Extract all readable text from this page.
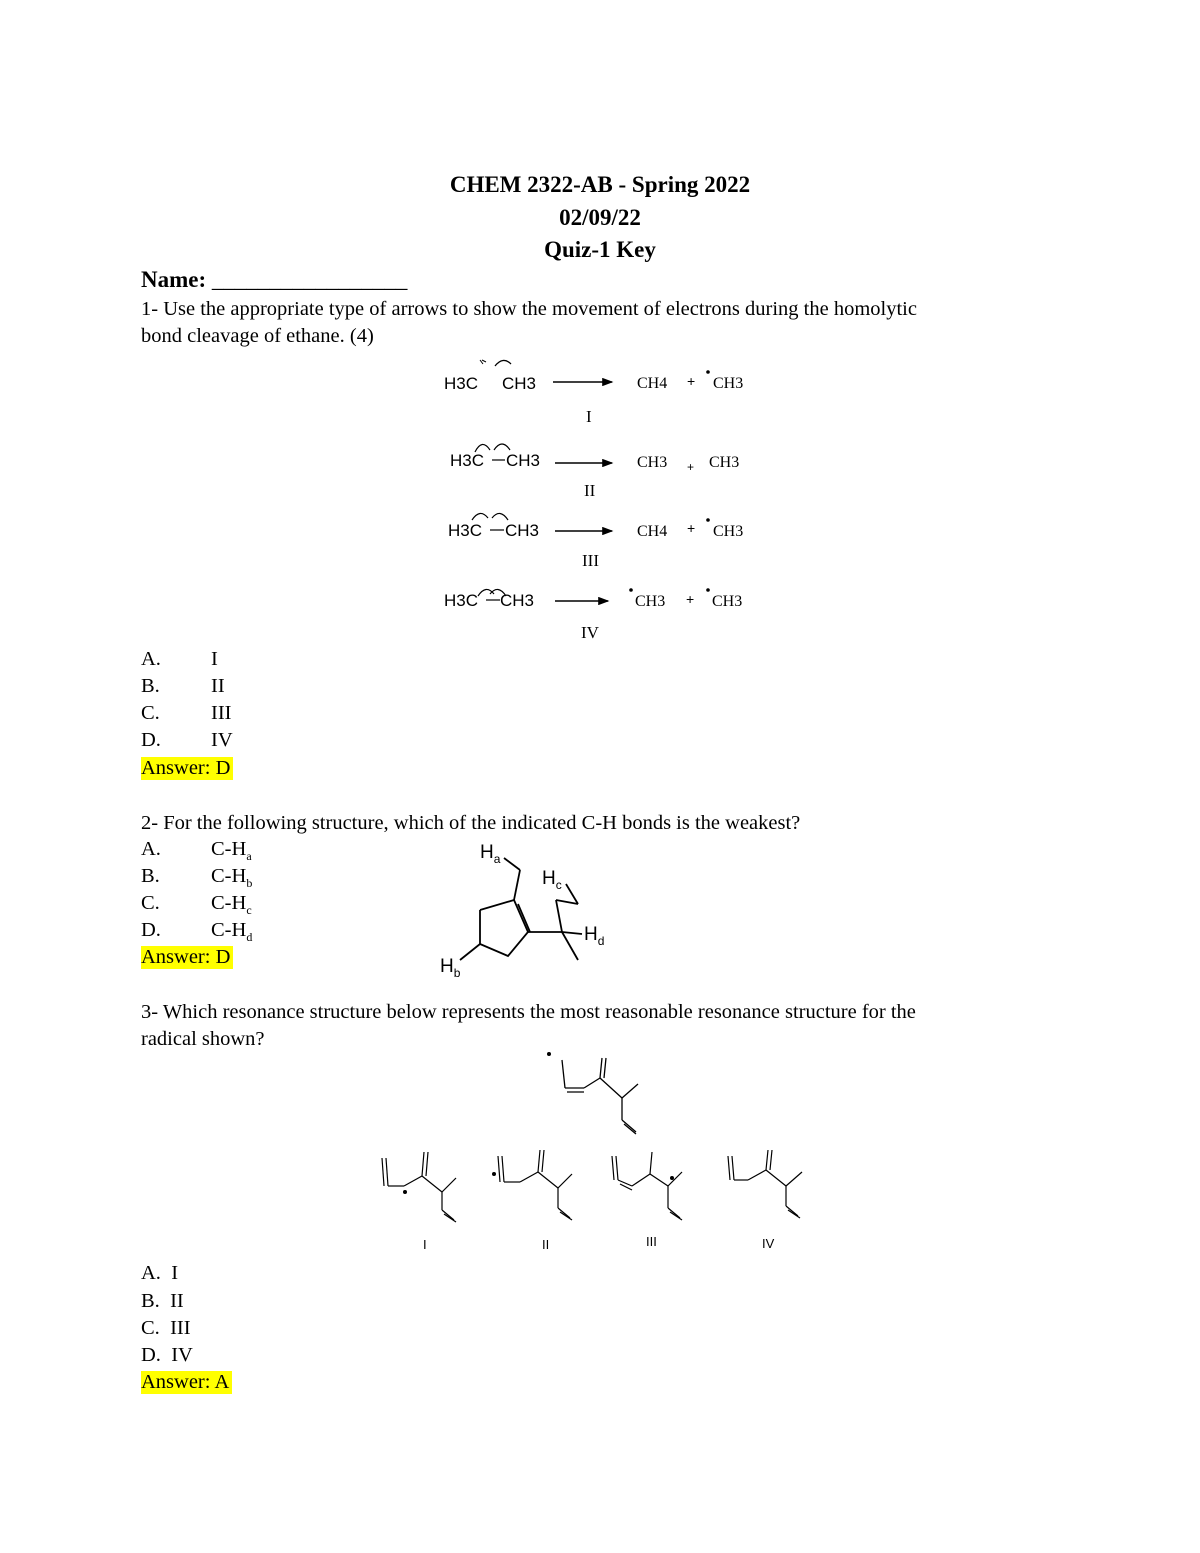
CHEM 2322-AB - Spring 2022
02/09/22
Quiz-1 Key
Name: _________________
1- Use the appropriate type of arrows to show the movement of electrons during the homolytic
bond cleavage of ethane. (4)
H3C CH3	CH4 + CH3
I
H3C CH3	CH3 + CH3
II
H3C CH3	CH4 + CH3
III
H3C CH3	CH3 + CH3
IV
A. I
B. II
C. III
D. IV
Answer: D
2- For the following structure, which of the indicated C-H bonds is the weakest?
A. $C-H_a$
B. $C-H_b$
C. $C-H_c$
D. $C-H_d$
Answer: D
$H_a$
$H_c$
$H_d$
$H_b$
3- Which resonance structure below represents the most reasonable resonance structure for the
radical shown?
I	II	III	IV
A. I
B. II
C. III
D. IV
Answer: A
